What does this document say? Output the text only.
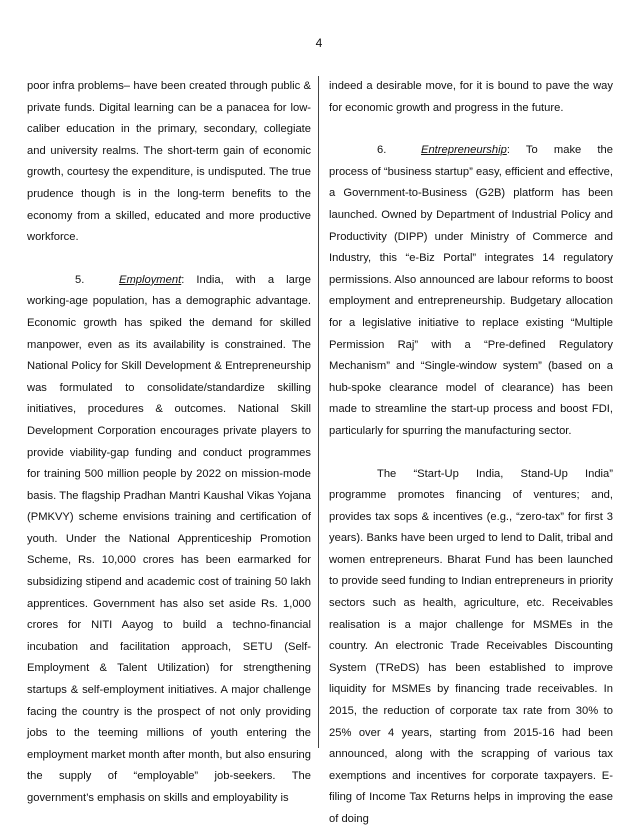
4

poor infra problems– have been created through public & private funds. Digital learning can be a panacea for low-caliber education in the primary, secondary, collegiate and university realms. The short-term gain of economic growth, courtesy the expenditure, is undisputed. The true prudence though is in the long-term benefits to the economy from a skilled, educated and more productive workforce.

5.	Employment: India, with a large working-age population, has a demographic advantage. Economic growth has spiked the demand for skilled manpower, even as its availability is constrained. The National Policy for Skill Development & Entrepreneurship was formulated to consolidate/standardize skilling initiatives, procedures & outcomes. National Skill Development Corporation encourages private players to provide viability-gap funding and conduct programmes for training 500 million people by 2022 on mission-mode basis. The flagship Pradhan Mantri Kaushal Vikas Yojana (PMKVY) scheme envisions training and certification of youth. Under the National Apprenticeship Promotion Scheme, Rs. 10,000 crores has been earmarked for subsidizing stipend and academic cost of training 50 lakh apprentices. Government has also set aside Rs. 1,000 crores for NITI Aayog to build a techno-financial incubation and facilitation approach, SETU (Self-Employment & Talent Utilization) for strengthening startups & self-employment initiatives. A major challenge facing the country is the prospect of not only providing jobs to the teeming millions of youth entering the employment market month after month, but also ensuring the supply of “employable” job-seekers. The government’s emphasis on skills and employability is

indeed a desirable move, for it is bound to pave the way for economic growth and progress in the future.

6.	Entrepreneurship: To make the process of “business startup” easy, efficient and effective, a Government-to-Business (G2B) platform has been launched. Owned by Department of Industrial Policy and Productivity (DIPP) under Ministry of Commerce and Industry, this “e-Biz Portal” integrates 14 regulatory permissions. Also announced are labour reforms to boost employment and entrepreneurship. Budgetary allocation for a legislative initiative to replace existing “Multiple Permission Raj” with a “Pre-defined Regulatory Mechanism” and “Single-window system” (based on a hub-spoke clearance model of clearance) has been made to streamline the start-up process and boost FDI, particularly for spurring the manufacturing sector.

The “Start-Up India, Stand-Up India” programme promotes financing of ventures; and, provides tax sops & incentives (e.g., “zero-tax” for first 3 years). Banks have been urged to lend to Dalit, tribal and women entrepreneurs. Bharat Fund has been launched to provide seed funding to Indian entrepreneurs in priority sectors such as health, agriculture, etc. Receivables realisation is a major challenge for MSMEs in the country. An electronic Trade Receivables Discounting System (TReDS) has been established to improve liquidity for MSMEs by financing trade receivables. In 2015, the reduction of corporate tax rate from 30% to 25% over 4 years, starting from 2015-16 had been announced, along with the scrapping of various tax exemptions and incentives for corporate taxpayers. E-filing of Income Tax Returns helps in improving the ease of doing
